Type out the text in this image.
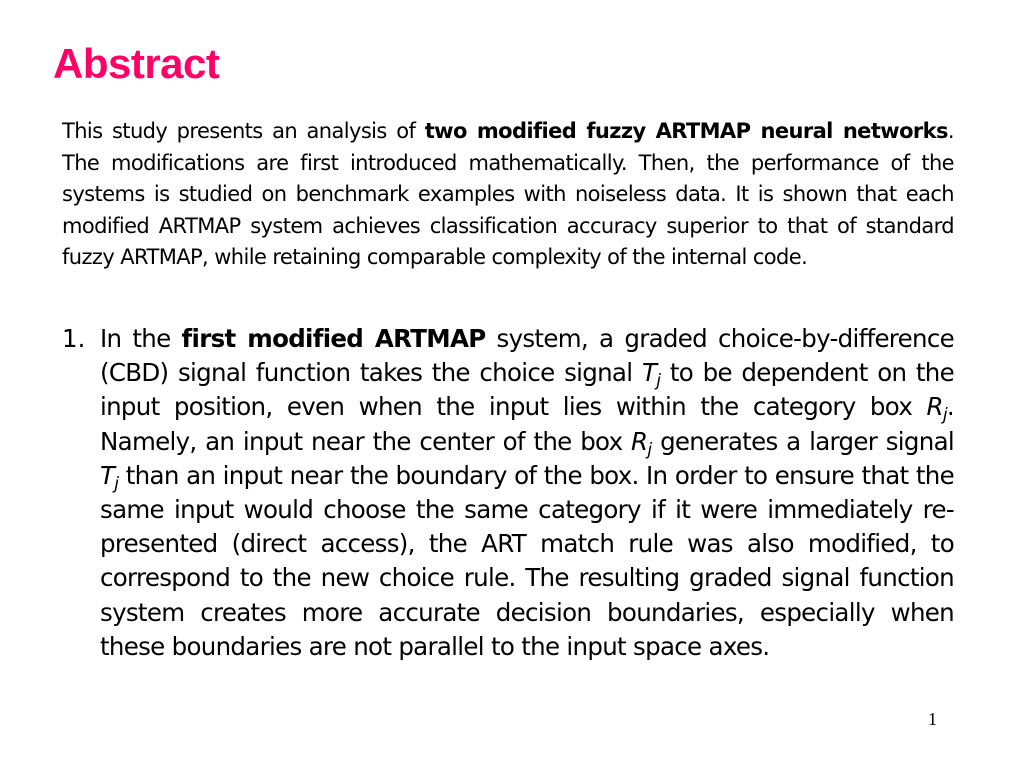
Abstract

This study presents an analysis of two modified fuzzy ARTMAP neural networks. The modifications are first introduced mathematically. Then, the performance of the systems is studied on benchmark examples with noiseless data. It is shown that each modified ARTMAP system achieves classification accuracy superior to that of standard fuzzy ARTMAP, while retaining comparable complexity of the internal code.

1. In the first modified ARTMAP system, a graded choice-by-difference (CBD) signal function takes the choice signal $T_j$ to be dependent on the input position, even when the input lies within the category box $R_j$. Namely, an input near the center of the box $R_j$ generates a larger signal $T_j$ than an input near the boundary of the box. In order to ensure that the same input would choose the same category if it were immediately re-presented (direct access), the ART match rule was also modified, to correspond to the new choice rule. The resulting graded signal function system creates more accurate decision boundaries, especially when these boundaries are not parallel to the input space axes.

1
